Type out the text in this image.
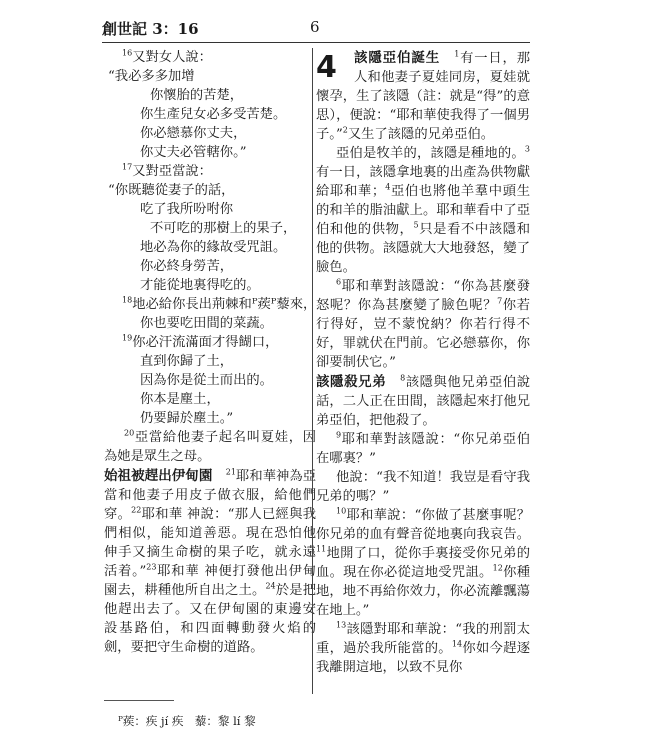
創世記 3：16	6
$^{16}$又對女人說：
“我必多多加增
你懷胎的苦楚，
你生產兒女必多受苦楚。
你必戀慕你丈夫，
你丈夫必管轄你。”
$^{17}$又對亞當說：
“你既聽從妻子的話，
吃了我所吩咐你
不可吃的那樹上的果子，
地必為你的緣故受咒詛。
你必終身勞苦，
才能從地裏得吃的。
$^{18}$地必給你長出荊棘和ᴾ蒺ᴾ藜來，
你也要吃田間的菜蔬。
$^{19}$你必汗流滿面才得餬口，
直到你歸了土，
因為你是從土而出的。
你本是塵土，
仍要歸於塵土。”

$^{20}$亞當給他妻子起名叫夏娃，因為她是眾生之母。

始祖被趕出伊甸園　 $^{21}$耶和華神為亞當和他妻子用皮子做衣服，給他們穿。$^{22}$耶和華 神說：“那人已經與我們相似，能知道善惡。現在恐怕他伸手又摘生命樹的果子吃，就永遠活着。”$^{23}$耶和華 神便打發他出伊甸園去，耕種他所自出之土。$^{24}$於是把他趕出去了。又在伊甸園的東邊安設基路伯，和四面轉動發火焰的劍，要把守生命樹的道路。

4	該隱亞伯誕生　 $^1$有一日，那人和他妻子夏娃同房，夏娃就懷孕，生了該隱（註：就是“得”的意思），便說：“耶和華使我得了一個男子。”$^2$又生了該隱的兄弟亞伯。

亞伯是牧羊的，該隱是種地的。$^3$有一日，該隱拿地裏的出產為供物獻給耶和華；$^4$亞伯也將他羊羣中頭生的和羊的脂油獻上。耶和華看中了亞伯和他的供物，$^5$只是看不中該隱和他的供物。該隱就大大地發怒，變了臉色。

$^6$耶和華對該隱說：“你為甚麼發怒呢？你為甚麼變了臉色呢？$^7$你若行得好，豈不蒙悅納？你若行得不好，罪就伏在門前。它必戀慕你，你卻要制伏它。”

該隱殺兄弟　 $^8$該隱與他兄弟亞伯說話，二人正在田間，該隱起來打他兄弟亞伯，把他殺了。

$^9$耶和華對該隱說：“你兄弟亞伯在哪裏？”

他說：“我不知道！我豈是看守我兄弟的嗎？”

$^{10}$耶和華說：“你做了甚麼事呢？你兄弟的血有聲音從地裏向我哀告。$^{11}$地開了口，從你手裏接受你兄弟的血。現在你必從這地受咒詛。$^{12}$你種地，地不再給你效力，你必流離飄蕩在地上。”

$^{13}$該隱對耶和華說：“我的刑罰太重，過於我所能當的。$^{14}$你如今趕逐我離開這地，以致不見你

ᴾ蒺：疾 jí 疾　藜：黎 lí 黎
